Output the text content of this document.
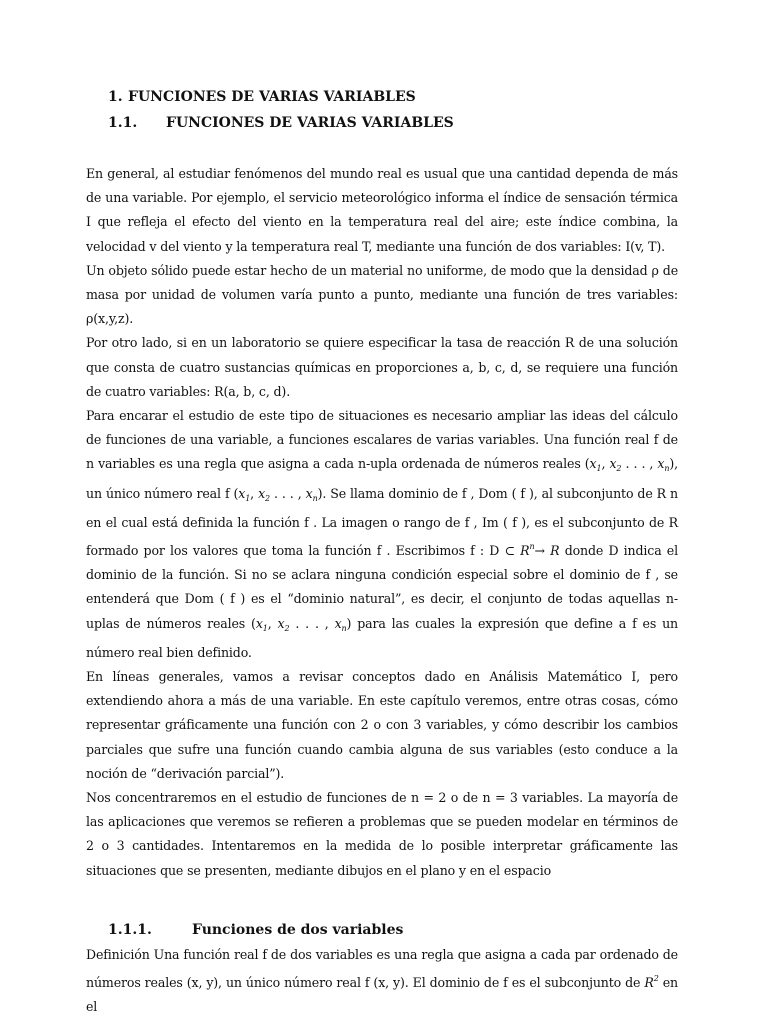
1. FUNCIONES DE VARIAS VARIABLES

1.1. FUNCIONES DE VARIAS VARIABLES

En general, al estudiar fenómenos del mundo real es usual que una cantidad dependa de más de una variable. Por ejemplo, el servicio meteorológico informa el índice de sensación térmica I que refleja el efecto del viento en la temperatura real del aire; este índice combina, la velocidad v del viento y la temperatura real T, mediante una función de dos variables: I(v, T).

Un objeto sólido puede estar hecho de un material no uniforme, de modo que la densidad ρ de masa por unidad de volumen varía punto a punto, mediante una función de tres variables: ρ(x,y,z).

Por otro lado, si en un laboratorio se quiere especificar la tasa de reacción R de una solución que consta de cuatro sustancias químicas en proporciones a, b, c, d, se requiere una función de cuatro variables: R(a, b, c, d).

Para encarar el estudio de este tipo de situaciones es necesario ampliar las ideas del cálculo de funciones de una variable, a funciones escalares de varias variables. Una función real f de n variables es una regla que asigna a cada n-upla ordenada de números reales ($x_1$, $x_2$ . . . , $x_n$), un único número real f ($x_1$, $x_2$ . . . , $x_n$). Se llama dominio de f , Dom ( f ), al subconjunto de R n en el cual está definida la función f . La imagen o rango de f , Im ( f ), es el subconjunto de R formado por los valores que toma la función f . Escribimos f : D ⊂ $R^n\to R$ donde D indica el dominio de la función. Si no se aclara ninguna condición especial sobre el dominio de f , se entenderá que Dom ( f ) es el “dominio natural”, es decir, el conjunto de todas aquellas n-uplas de números reales ($x_1$, $x_2$ . . . , $x_n$) para las cuales la expresión que define a f es un número real bien definido.

En líneas generales, vamos a revisar conceptos dado en Análisis Matemático I, pero extendiendo ahora a más de una variable. En este capítulo veremos, entre otras cosas, cómo representar gráficamente una función con 2 o con 3 variables, y cómo describir los cambios parciales que sufre una función cuando cambia alguna de sus variables (esto conduce a la noción de “derivación parcial”).

Nos concentraremos en el estudio de funciones de n = 2 o de n = 3 variables. La mayoría de las aplicaciones que veremos se refieren a problemas que se pueden modelar en términos de 2 o 3 cantidades. Intentaremos en la medida de lo posible interpretar gráficamente las situaciones que se presenten, mediante dibujos en el plano y en el espacio

1.1.1.	Funciones de dos variables

Definición Una función real f de dos variables es una regla que asigna a cada par ordenado de números reales (x, y), un único número real f (x, y). El dominio de f es el subconjunto de $R^2$ en el
